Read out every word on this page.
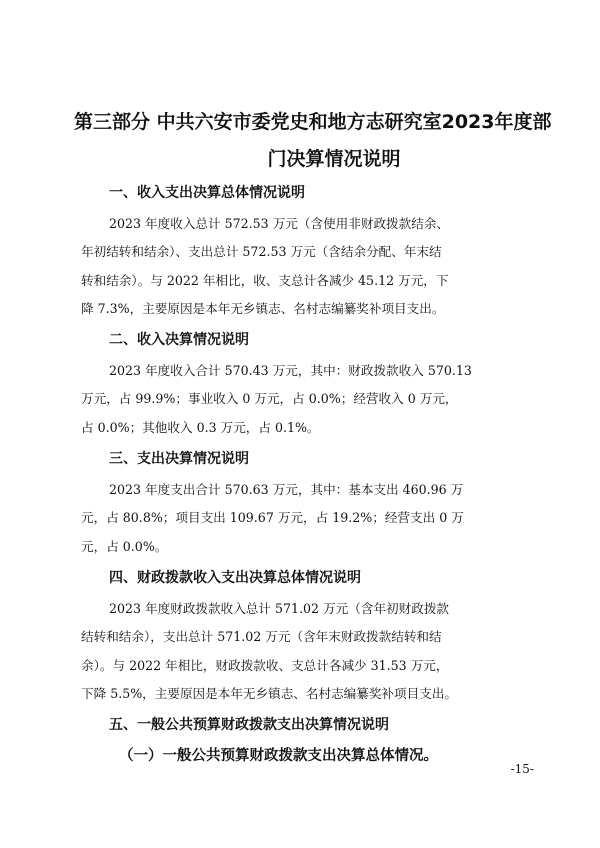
第三部分 中共六安市委党史和地方志研究室2023年度部
门决算情况说明
一、收入支出决算总体情况说明
2023 年度收入总计 572.53 万元（含使用非财政拨款结余、
年初结转和结余）、支出总计 572.53 万元（含结余分配、年末结
转和结余）。与 2022 年相比，收、支总计各减少 45.12 万元，下
降 7.3%，主要原因是本年无乡镇志、名村志编纂奖补项目支出。
二、收入决算情况说明
2023 年度收入合计 570.43 万元，其中：财政拨款收入 570.13
万元，占 99.9%；事业收入 0 万元，占 0.0%；经营收入 0 万元，
占 0.0%；其他收入 0.3 万元，占 0.1%。
三、支出决算情况说明
2023 年度支出合计 570.63 万元，其中：基本支出 460.96 万
元，占 80.8%；项目支出 109.67 万元，占 19.2%；经营支出 0 万
元，占 0.0%。
四、财政拨款收入支出决算总体情况说明
2023 年度财政拨款收入总计 571.02 万元（含年初财政拨款
结转和结余），支出总计 571.02 万元（含年末财政拨款结转和结
余）。与 2022 年相比，财政拨款收、支总计各减少 31.53 万元，
下降 5.5%，主要原因是本年无乡镇志、名村志编纂奖补项目支出。
五、一般公共预算财政拨款支出决算情况说明
（一）一般公共预算财政拨款支出决算总体情况。
-15-
